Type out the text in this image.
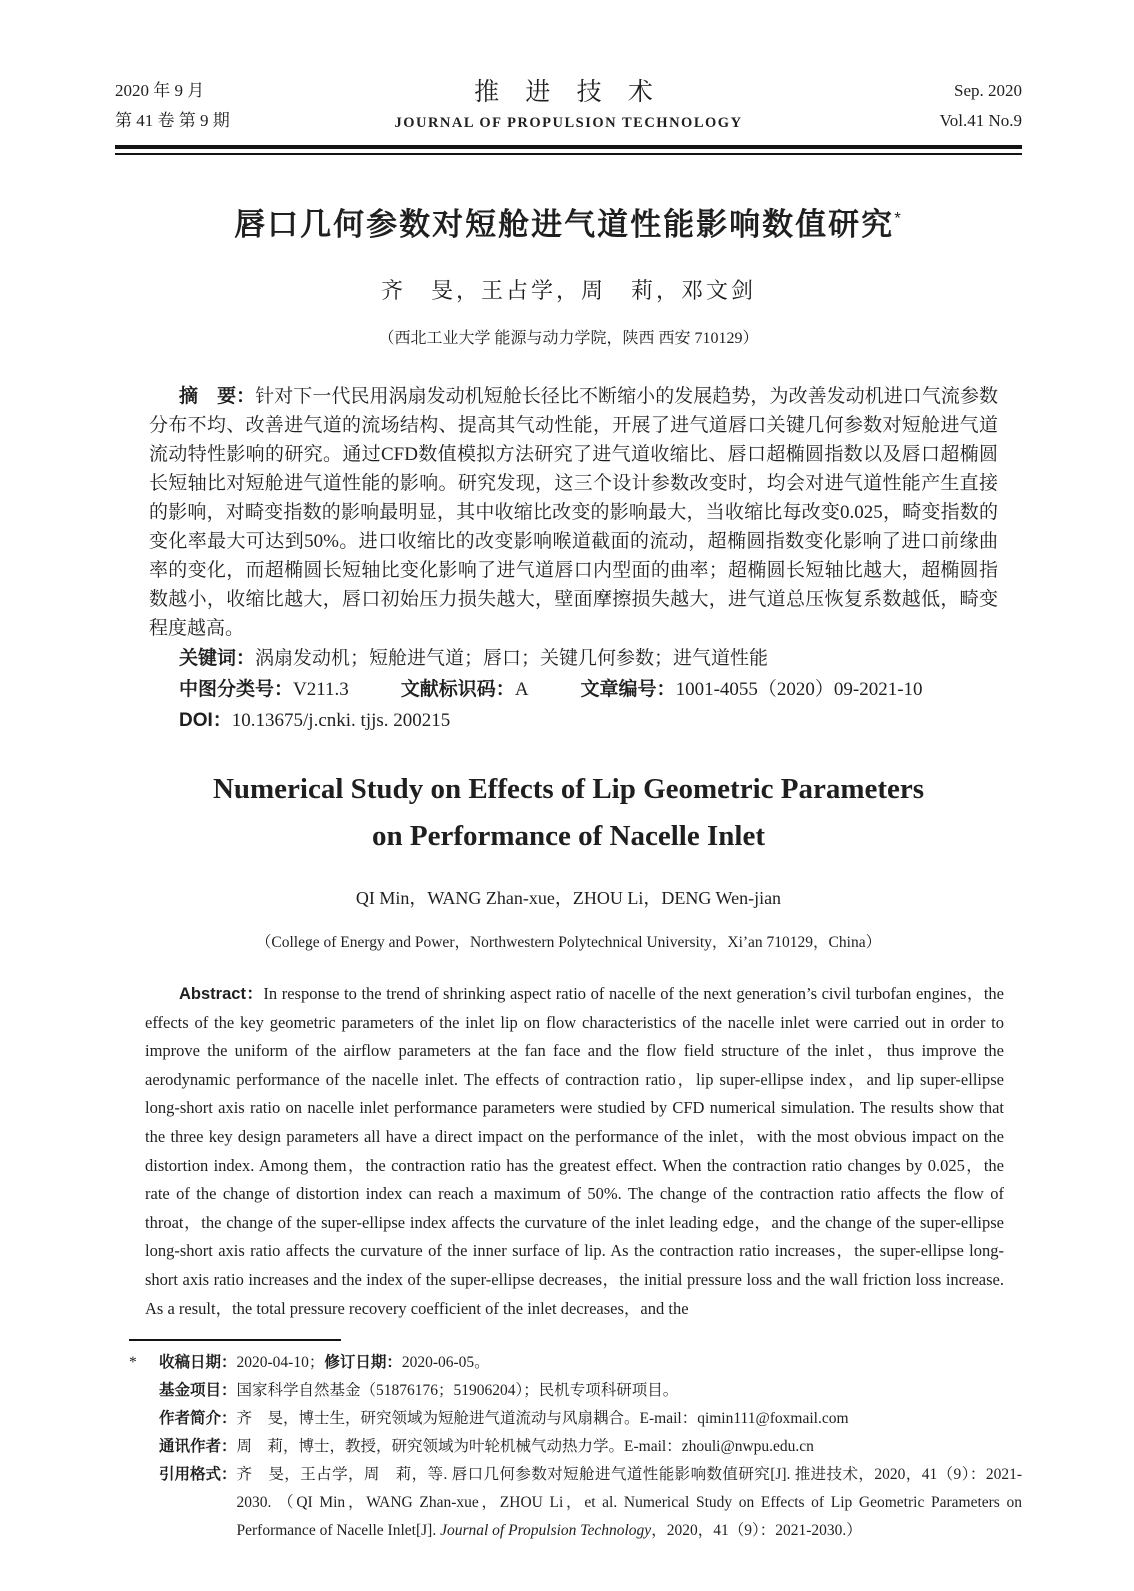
2020 年 9 月
第 41 卷 第 9 期
推 进 技 术
JOURNAL OF PROPULSION TECHNOLOGY
Sep. 2020
Vol.41 No.9
唇口几何参数对短舱进气道性能影响数值研究*
齐　旻，王占学，周　莉，邓文剑
（西北工业大学 能源与动力学院，陕西 西安 710129）

摘　要：针对下一代民用涡扇发动机短舱长径比不断缩小的发展趋势，为改善发动机进口气流参数分布不均、改善进气道的流场结构、提高其气动性能，开展了进气道唇口关键几何参数对短舱进气道流动特性影响的研究。通过CFD数值模拟方法研究了进气道收缩比、唇口超椭圆指数以及唇口超椭圆长短轴比对短舱进气道性能的影响。研究发现，这三个设计参数改变时，均会对进气道性能产生直接的影响，对畸变指数的影响最明显，其中收缩比改变的影响最大，当收缩比每改变0.025，畸变指数的变化率最大可达到50%。进口收缩比的改变影响喉道截面的流动，超椭圆指数变化影响了进口前缘曲率的变化，而超椭圆长短轴比变化影响了进气道唇口内型面的曲率；超椭圆长短轴比越大，超椭圆指数越小，收缩比越大，唇口初始压力损失越大，壁面摩擦损失越大，进气道总压恢复系数越低，畸变程度越高。

关键词：涡扇发动机；短舱进气道；唇口；关键几何参数；进气道性能

中图分类号：V211.3	文献标识码：A	文章编号：1001-4055（2020）09-2021-10

DOI：10.13675/j.cnki. tjjs. 200215

Numerical Study on Effects of Lip Geometric Parameters
on Performance of Nacelle Inlet
QI Min，WANG Zhan-xue，ZHOU Li，DENG Wen-jian
（College of Energy and Power，Northwestern Polytechnical University，Xi’an 710129，China）

Abstract：In response to the trend of shrinking aspect ratio of nacelle of the next generation’s civil turbofan engines，the effects of the key geometric parameters of the inlet lip on flow characteristics of the nacelle inlet were carried out in order to improve the uniform of the airflow parameters at the fan face and the flow field structure of the inlet，thus improve the aerodynamic performance of the nacelle inlet. The effects of contraction ratio，lip super-ellipse index，and lip super-ellipse long-short axis ratio on nacelle inlet performance parameters were studied by CFD numerical simulation. The results show that the three key design parameters all have a direct impact on the performance of the inlet，with the most obvious impact on the distortion index. Among them，the contraction ratio has the greatest effect. When the contraction ratio changes by 0.025，the rate of the change of distortion index can reach a maximum of 50%. The change of the contraction ratio affects the flow of throat，the change of the super-ellipse index affects the curvature of the inlet leading edge，and the change of the super-ellipse long-short axis ratio affects the curvature of the inner surface of lip. As the contraction ratio increases，the super-ellipse long-short axis ratio increases and the index of the super-ellipse decreases，the initial pressure loss and the wall friction loss increase. As a result，the total pressure recovery coefficient of the inlet decreases，and the

*	收稿日期：2020-04-10；修订日期：2020-06-05。
基金项目：国家科学自然基金（51876176；51906204）；民机专项科研项目。
作者简介：齐　旻，博士生，研究领域为短舱进气道流动与风扇耦合。E-mail：qimin111@foxmail.com
通讯作者：周　莉，博士，教授，研究领域为叶轮机械气动热力学。E-mail：zhouli@nwpu.edu.cn
引用格式： 齐　旻，王占学，周　莉，等. 唇口几何参数对短舱进气道性能影响数值研究[J]. 推进技术，2020，41（9）：2021-2030. （QI Min，WANG Zhan-xue，ZHOU Li，et al. Numerical Study on Effects of Lip Geometric Parameters on Performance of Nacelle Inlet[J]. Journal of Propulsion Technology，2020，41（9）：2021-2030.）
